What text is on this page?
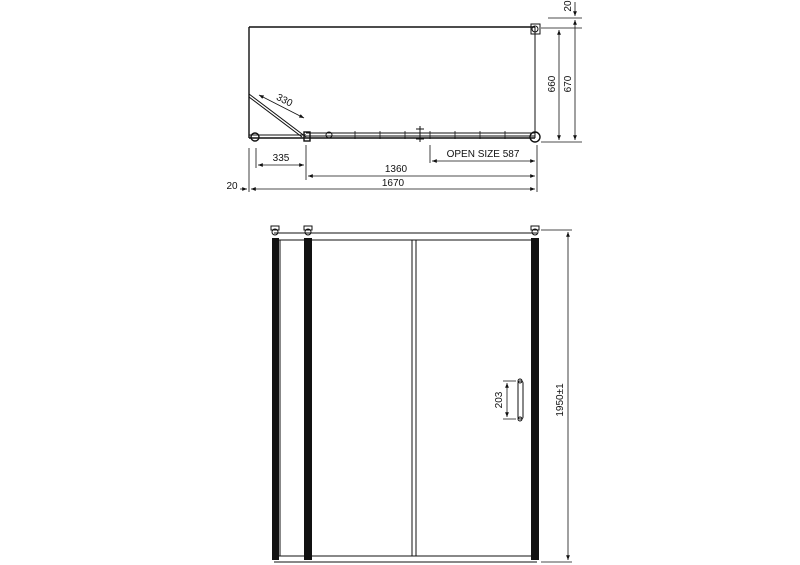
330
335	OPEN SIZE 587
1360
20	1670
660 670
20
203	1950±1
